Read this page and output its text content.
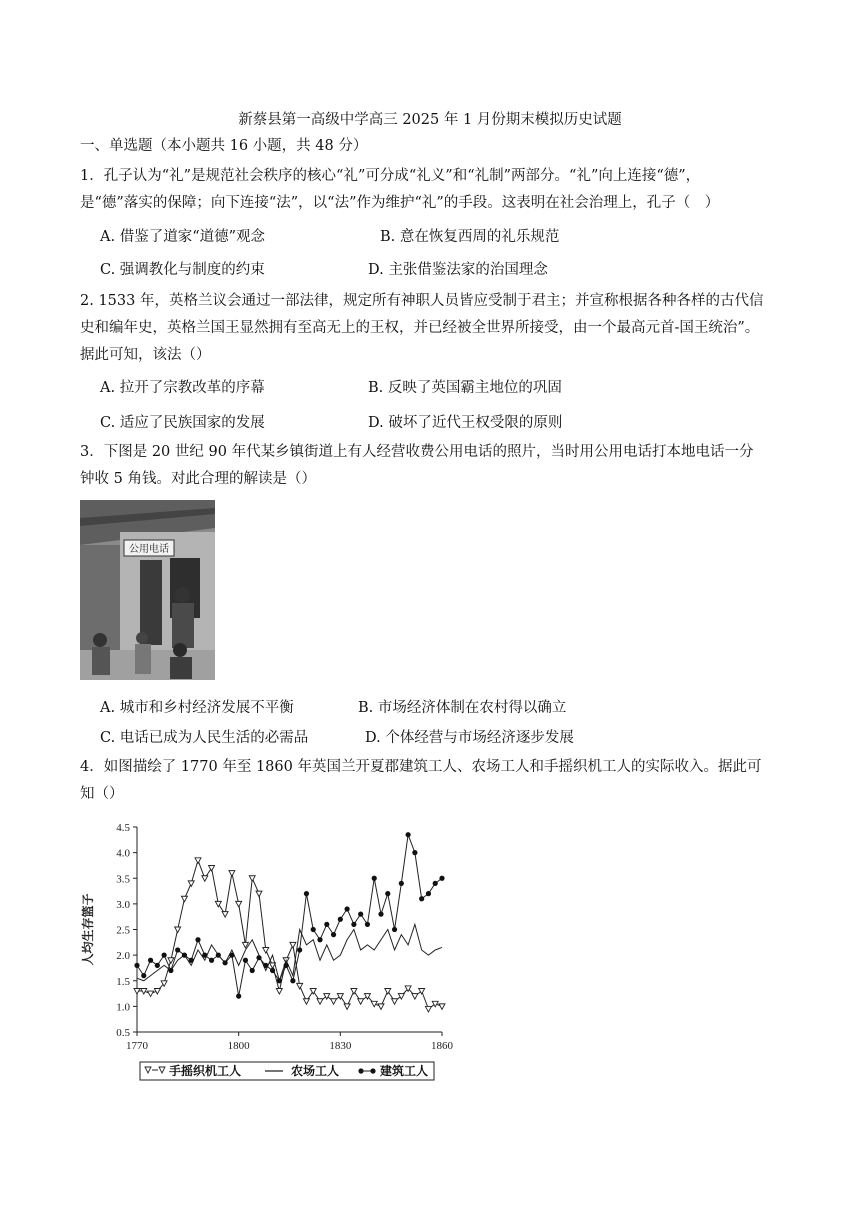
新蔡县第一高级中学高三 2025 年 1 月份期末模拟历史试题
一、单选题（本小题共 16 小题，共 48 分）
1．孔子认为“礼”是规范社会秩序的核心“礼”可分成“礼义”和“礼制”两部分。“礼”向上连接“德”，
是“德”落实的保障；向下连接“法”，以“法”作为维护“礼”的手段。这表明在社会治理上，孔子（　）
A. 借鉴了道家“道德”观念	B. 意在恢复西周的礼乐规范
C. 强调教化与制度的约束	D. 主张借鉴法家的治国理念
2. 1533 年，英格兰议会通过一部法律，规定所有神职人员皆应受制于君主；并宣称根据各种各样的古代信
史和编年史，英格兰国王显然拥有至高无上的王权，并已经被全世界所接受，由一个最高元首-国王统治”。
据此可知，该法（）
A. 拉开了宗教改革的序幕	B. 反映了英国霸主地位的巩固
C. 适应了民族国家的发展	D. 破坏了近代王权受限的原则
3．下图是 20 世纪 90 年代某乡镇街道上有人经营收费公用电话的照片，当时用公用电话打本地电话一分
钟收 5 角钱。对此合理的解读是（）
公用电话
A. 城市和乡村经济发展不平衡	B. 市场经济体制在农村得以确立
C. 电话已成为人民生活的必需品	D. 个体经营与市场经济逐步发展
4．如图描绘了 1770 年至 1860 年英国兰开夏郡建筑工人、农场工人和手摇织机工人的实际收入。据此可
知（）
0.5
1.0
1.5
2.0
2.5
3.0
3.5
4.0
4.5
1770	1800	1830	1860
人均生存篮子
手摇织机工人	农场工人	建筑工人
